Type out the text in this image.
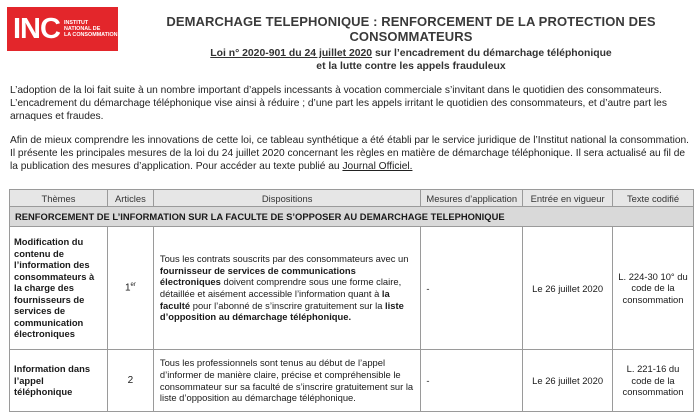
INC INSTITUT
NATIONAL DE
LA CONSOMMATION
DEMARCHAGE TELEPHONIQUE : RENFORCEMENT DE LA PROTECTION DES CONSOMMATEURS
Loi n° 2020-901 du 24 juillet 2020 sur l’encadrement du démarchage téléphonique
et la lutte contre les appels frauduleux

L’adoption de la loi fait suite à un nombre important d’appels incessants à vocation commerciale s’invitant dans le quotidien des consommateurs. L’encadrement du démarchage téléphonique vise ainsi à réduire ; d’une part les appels irritant le quotidien des consommateurs, et d’autre part les arnaques et fraudes.

Afin de mieux comprendre les innovations de cette loi, ce tableau synthétique a été établi par le service juridique de l’Institut national la consommation.
Il présente les principales mesures de la loi du 24 juillet 2020 concernant les règles en matière de démarchage téléphonique. Il sera actualisé au fil de la publication des mesures d’application. Pour accéder au texte publié au Journal Officiel.

Thèmes	Articles	Dispositions	Mesures d’application	Entrée en vigueur	Texte codifié
RENFORCEMENT DE L’INFORMATION SUR LA FACULTE DE S’OPPOSER AU DEMARCHAGE TELEPHONIQUE					
Modification du contenu de l’information des consommateurs à la charge des fournisseurs de services de communication électroniques	1er	Tous les contrats souscrits par des consommateurs avec un fournisseur de services de communications électroniques doivent comprendre sous une forme claire, détaillée et aisément accessible l’information quant à la faculté pour l’abonné de s’inscrire gratuitement sur la liste d’opposition au démarchage téléphonique.	-	Le 26 juillet 2020	L. 224-30 10° du code de la consommation
Information dans l’appel téléphonique	2	Tous les professionnels sont tenus au début de l’appel d’informer de manière claire, précise et compréhensible le consommateur sur sa faculté de s’inscrire gratuitement sur la liste d’opposition au démarchage téléphonique.	-	Le 26 juillet 2020	L. 221-16 du code de la consommation
